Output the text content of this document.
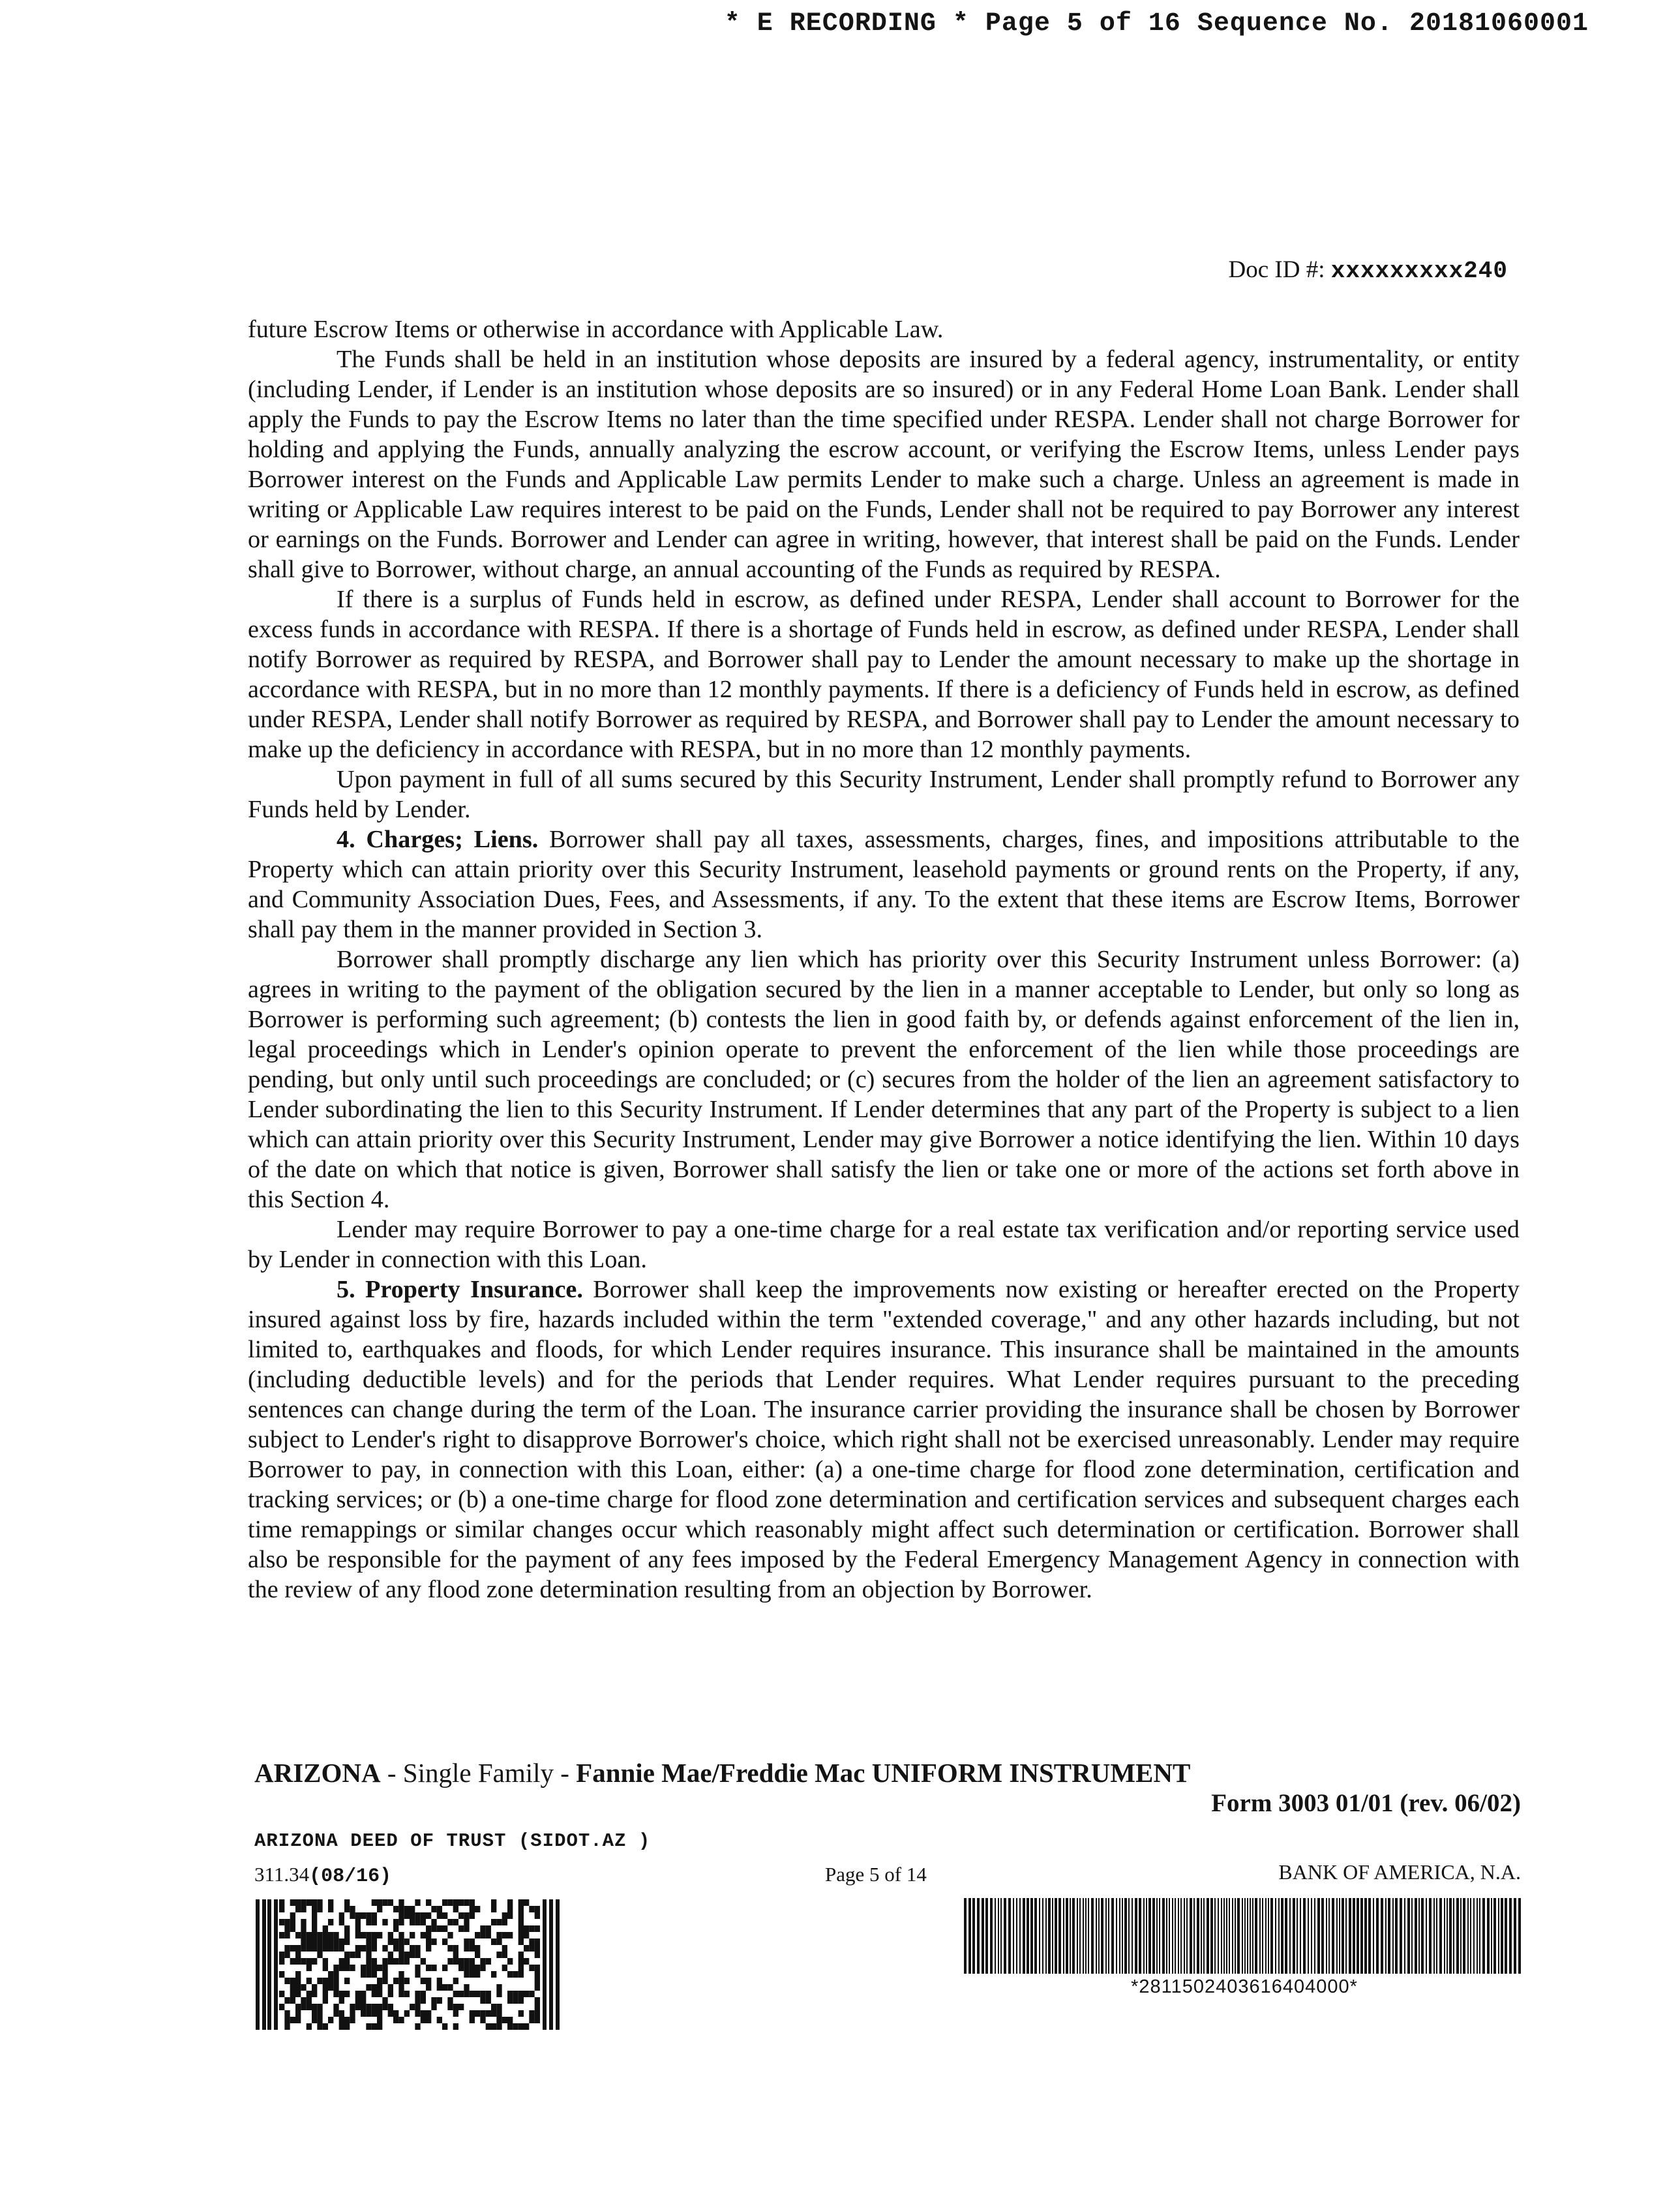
* E RECORDING * Page 5 of 16 Sequence No. 20181060001
Doc ID #: xxxxxxxxx240

future Escrow Items or otherwise in accordance with Applicable Law.

The Funds shall be held in an institution whose deposits are insured by a federal agency, instrumentality, or entity (including Lender, if Lender is an institution whose deposits are so insured) or in any Federal Home Loan Bank. Lender shall apply the Funds to pay the Escrow Items no later than the time specified under RESPA. Lender shall not charge Borrower for holding and applying the Funds, annually analyzing the escrow account, or verifying the Escrow Items, unless Lender pays Borrower interest on the Funds and Applicable Law permits Lender to make such a charge. Unless an agreement is made in writing or Applicable Law requires interest to be paid on the Funds, Lender shall not be required to pay Borrower any interest or earnings on the Funds. Borrower and Lender can agree in writing, however, that interest shall be paid on the Funds. Lender shall give to Borrower, without charge, an annual accounting of the Funds as required by RESPA.

If there is a surplus of Funds held in escrow, as defined under RESPA, Lender shall account to Borrower for the excess funds in accordance with RESPA. If there is a shortage of Funds held in escrow, as defined under RESPA, Lender shall notify Borrower as required by RESPA, and Borrower shall pay to Lender the amount necessary to make up the shortage in accordance with RESPA, but in no more than 12 monthly payments. If there is a deficiency of Funds held in escrow, as defined under RESPA, Lender shall notify Borrower as required by RESPA, and Borrower shall pay to Lender the amount necessary to make up the deficiency in accordance with RESPA, but in no more than 12 monthly payments.

Upon payment in full of all sums secured by this Security Instrument, Lender shall promptly refund to Borrower any Funds held by Lender.

4. Charges; Liens. Borrower shall pay all taxes, assessments, charges, fines, and impositions attributable to the Property which can attain priority over this Security Instrument, leasehold payments or ground rents on the Property, if any, and Community Association Dues, Fees, and Assessments, if any. To the extent that these items are Escrow Items, Borrower shall pay them in the manner provided in Section 3.

Borrower shall promptly discharge any lien which has priority over this Security Instrument unless Borrower: (a) agrees in writing to the payment of the obligation secured by the lien in a manner acceptable to Lender, but only so long as Borrower is performing such agreement; (b) contests the lien in good faith by, or defends against enforcement of the lien in, legal proceedings which in Lender's opinion operate to prevent the enforcement of the lien while those proceedings are pending, but only until such proceedings are concluded; or (c) secures from the holder of the lien an agreement satisfactory to Lender subordinating the lien to this Security Instrument. If Lender determines that any part of the Property is subject to a lien which can attain priority over this Security Instrument, Lender may give Borrower a notice identifying the lien. Within 10 days of the date on which that notice is given, Borrower shall satisfy the lien or take one or more of the actions set forth above in this Section 4.

Lender may require Borrower to pay a one-time charge for a real estate tax verification and/or reporting service used by Lender in connection with this Loan.

5. Property Insurance. Borrower shall keep the improvements now existing or hereafter erected on the Property insured against loss by fire, hazards included within the term "extended coverage," and any other hazards including, but not limited to, earthquakes and floods, for which Lender requires insurance. This insurance shall be maintained in the amounts (including deductible levels) and for the periods that Lender requires. What Lender requires pursuant to the preceding sentences can change during the term of the Loan. The insurance carrier providing the insurance shall be chosen by Borrower subject to Lender's right to disapprove Borrower's choice, which right shall not be exercised unreasonably. Lender may require Borrower to pay, in connection with this Loan, either: (a) a one-time charge for flood zone determination, certification and tracking services; or (b) a one-time charge for flood zone determination and certification services and subsequent charges each time remappings or similar changes occur which reasonably might affect such determination or certification. Borrower shall also be responsible for the payment of any fees imposed by the Federal Emergency Management Agency in connection with the review of any flood zone determination resulting from an objection by Borrower.

ARIZONA - Single Family - Fannie Mae/Freddie Mac UNIFORM INSTRUMENT
Form 3003 01/01 (rev. 06/02)
ARIZONA DEED OF TRUST (SIDOT.AZ )
311.34(08/16)	Page 5 of 14	BANK OF AMERICA, N.A.
*2811502403616404000*
